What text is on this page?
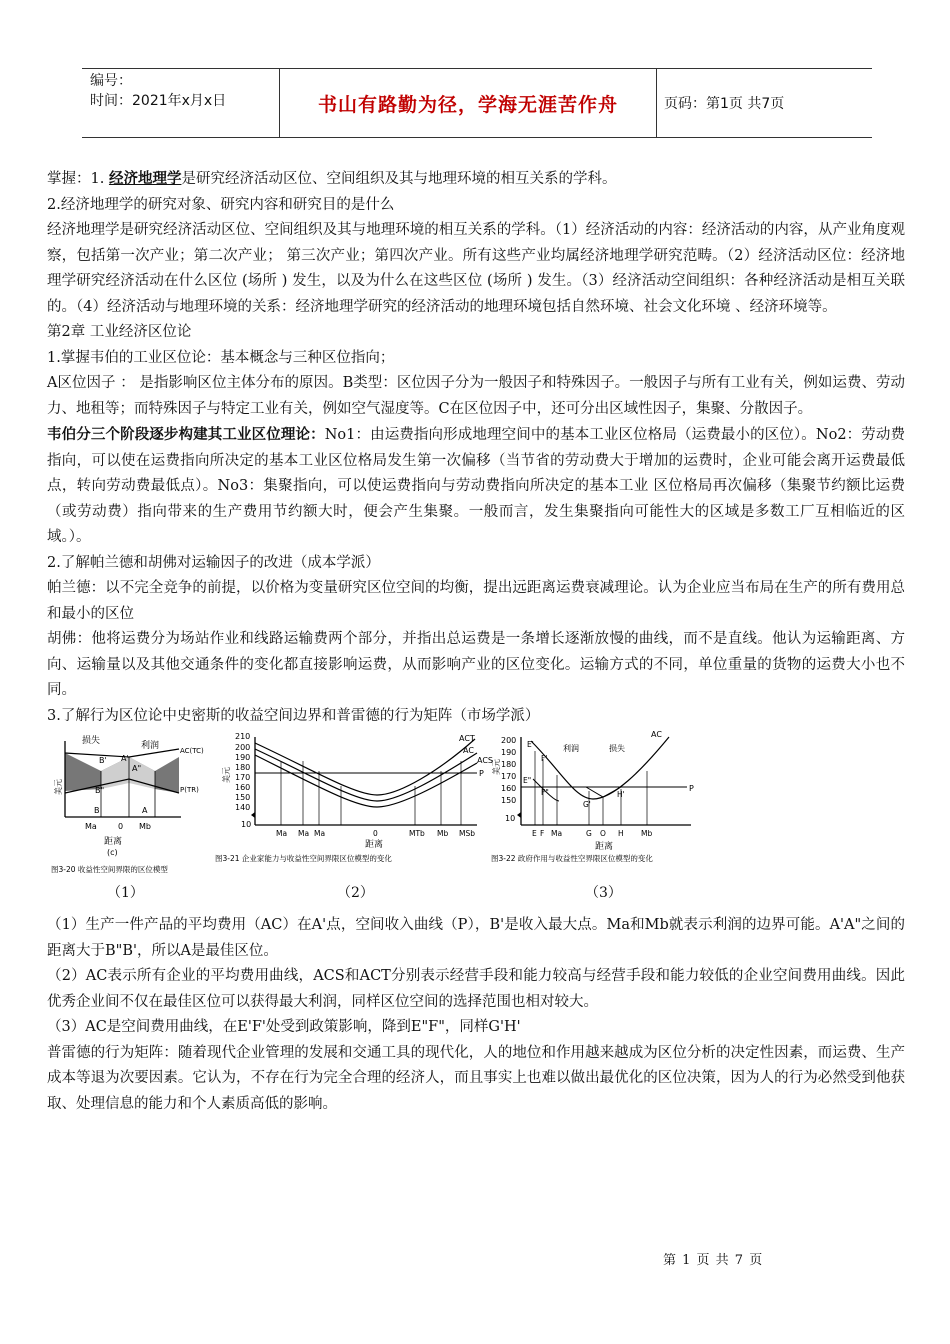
编号：
时间：2021年x月x日	书山有路勤为径，学海无涯苦作舟	页码：第1页 共7页

掌握：1. 经济地理学是研究经济活动区位、空间组织及其与地理环境的相互关系的学科。

2.经济地理学的研究对象、研究内容和研究目的是什么

经济地理学是研究经济活动区位、空间组织及其与地理环境的相互关系的学科。（1）经济活动的内容：经济活动的内容，从产业角度观察，包括第一次产业；第二次产业； 第三次产业；第四次产业。所有这些产业均属经济地理学研究范畴。（2）经济活动区位：经济地理学研究经济活动在什么区位 (场所 ) 发生，以及为什么在这些区位 (场所 ) 发生。（3）经济活动空间组织：各种经济活动是相互关联的。（4）经济活动与地理环境的关系：经济地理学研究的经济活动的地理环境包括自然环境、社会文化环境 、经济环境等。

第2章 工业经济区位论

1.掌握韦伯的工业区位论：基本概念与三种区位指向；

A区位因子 ： 是指影响区位主体分布的原因。B类型：区位因子分为一般因子和特殊因子。一般因子与所有工业有关，例如运费、劳动力、地租等；而特殊因子与特定工业有关，例如空气湿度等。C在区位因子中，还可分出区域性因子，集聚、分散因子。

韦伯分三个阶段逐步构建其工业区位理论：No1：由运费指向形成地理空间中的基本工业区位格局（运费最小的区位）。No2：劳动费指向，可以使在运费指向所决定的基本工业区位格局发生第一次偏移（当节省的劳动费大于增加的运费时，企业可能会离开运费最低点，转向劳动费最低点）。No3：集聚指向，可以使运费指向与劳动费指向所决定的基本工业 区位格局再次偏移（集聚节约额比运费（或劳动费）指向带来的生产费用节约额大时，便会产生集聚。一般而言，发生集聚指向可能性大的区域是多数工厂互相临近的区域。）。

2.了解帕兰德和胡佛对运输因子的改进（成本学派）

帕兰德：以不完全竞争的前提，以价格为变量研究区位空间的均衡，提出远距离运费衰减理论。认为企业应当布局在生产的所有费用总和最小的区位

胡佛：他将运费分为场站作业和线路运输费两个部分，并指出总运费是一条增长逐渐放慢的曲线，而不是直线。他认为运输距离、方向、运输量以及其他交通条件的变化都直接影响运费，从而影响产业的区位变化。运输方式的不同，单位重量的货物的运费大小也不同。

3.了解行为区位论中史密斯的收益空间边界和普雷德的行为矩阵（市场学派）

损失	利润	AC(TC)
P(TR)
美元
B' A'
A"
B"
B	A
Ma	0 Mb
距离
(c)
图3-20 收益性空间界限的区位模型
（1）
210
200
190
180
170
160
150
140
10
美元
ACT
AC
ACS
P
Ma Ma Ma	0	MTb Mb MSb
距离
图3-21 企业家能力与收益性空间界限区位模型的变化
（2）
200
190
180
170
160
150
10
美元
利润	损失
AC
P
E'
F'
E"
F"
G'
H'
E F Ma	G O H Mb
距离
图3-22 政府作用与收益性空界限区位模型的变化
（3）

（1）生产一件产品的平均费用（AC）在A'点，空间收入曲线（P），B'是收入最大点。Ma和Mb就表示利润的边界可能。A'A"之间的距离大于B"B'，所以A是最佳区位。

（2）AC表示所有企业的平均费用曲线，ACS和ACT分别表示经营手段和能力较高与经营手段和能力较低的企业空间费用曲线。因此优秀企业间不仅在最佳区位可以获得最大利润，同样区位空间的选择范围也相对较大。

（3）AC是空间费用曲线，在E'F'处受到政策影响，降到E"F"，同样G'H'

普雷德的行为矩阵：随着现代企业管理的发展和交通工具的现代化，人的地位和作用越来越成为区位分析的决定性因素，而运费、生产成本等退为次要因素。它认为，不存在行为完全合理的经济人，而且事实上也难以做出最优化的区位决策，因为人的行为必然受到他获取、处理信息的能力和个人素质高低的影响。

第 1 页 共 7 页
